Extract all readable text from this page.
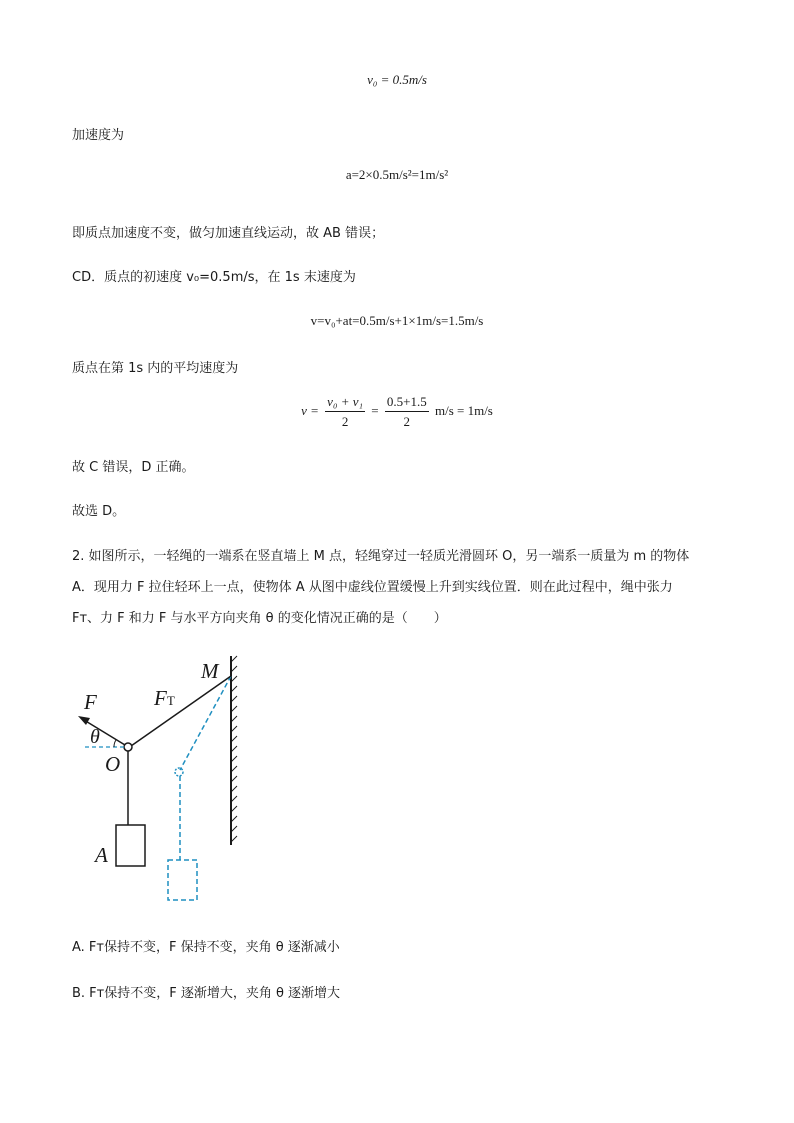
v₀ = 0.5m/s
加速度为
a=2×0.5m/s²=1m/s²
即质点加速度不变，做匀加速直线运动，故 AB 错误；
CD．质点的初速度 v₀=0.5m/s，在 1s 末速度为
v=v₀+at=0.5m/s+1×1m/s=1.5m/s
质点在第 1s 内的平均速度为
$v = \frac{\text{v₀ + v₁}}{2} = \frac{0.5+1.5}{2} m/s = 1m/s$
故 C 错误，D 正确。
故选 D。
2. 如图所示，一轻绳的一端系在竖直墙上 M 点，轻绳穿过一轻质光滑圆环 O，另一端系一质量为 m 的物体
A．现用力 F 拉住轻环上一点，使物体 A 从图中虚线位置缓慢上升到实线位置．则在此过程中，绳中张力
Fᴛ、力 F 和力 F 与水平方向夹角 θ 的变化情况正确的是（　　）
F	FT
M
θ
O
A
A. Fᴛ保持不变，F 保持不变，夹角 θ 逐渐减小
B. Fᴛ保持不变，F 逐渐增大，夹角 θ 逐渐增大
